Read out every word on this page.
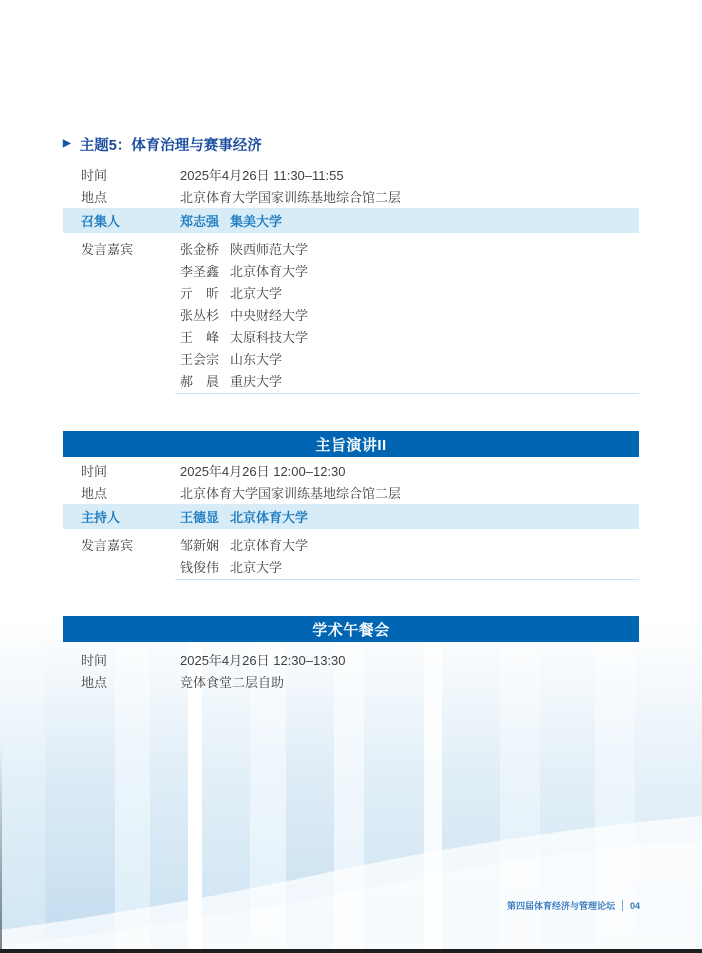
▶ 主题5：体育治理与赛事经济
时间	2025年4月26日 11:30–11:55
地点	北京体育大学国家训练基地综合馆二层
召集人	郑志强 集美大学
发言嘉宾	张金桥 陕西师范大学
李圣鑫 北京体育大学
亓　昕 北京大学
张丛杉 中央财经大学
王　峰 太原科技大学
王会宗 山东大学
郝　晨 重庆大学
主旨演讲II
时间	2025年4月26日 12:00–12:30
地点	北京体育大学国家训练基地综合馆二层
主持人	王德显 北京体育大学
发言嘉宾	邹新娴 北京体育大学
钱俊伟 北京大学
学术午餐会
时间	2025年4月26日 12:30–13:30
地点	竞体食堂二层自助
第四届体育经济与管理论坛 04
